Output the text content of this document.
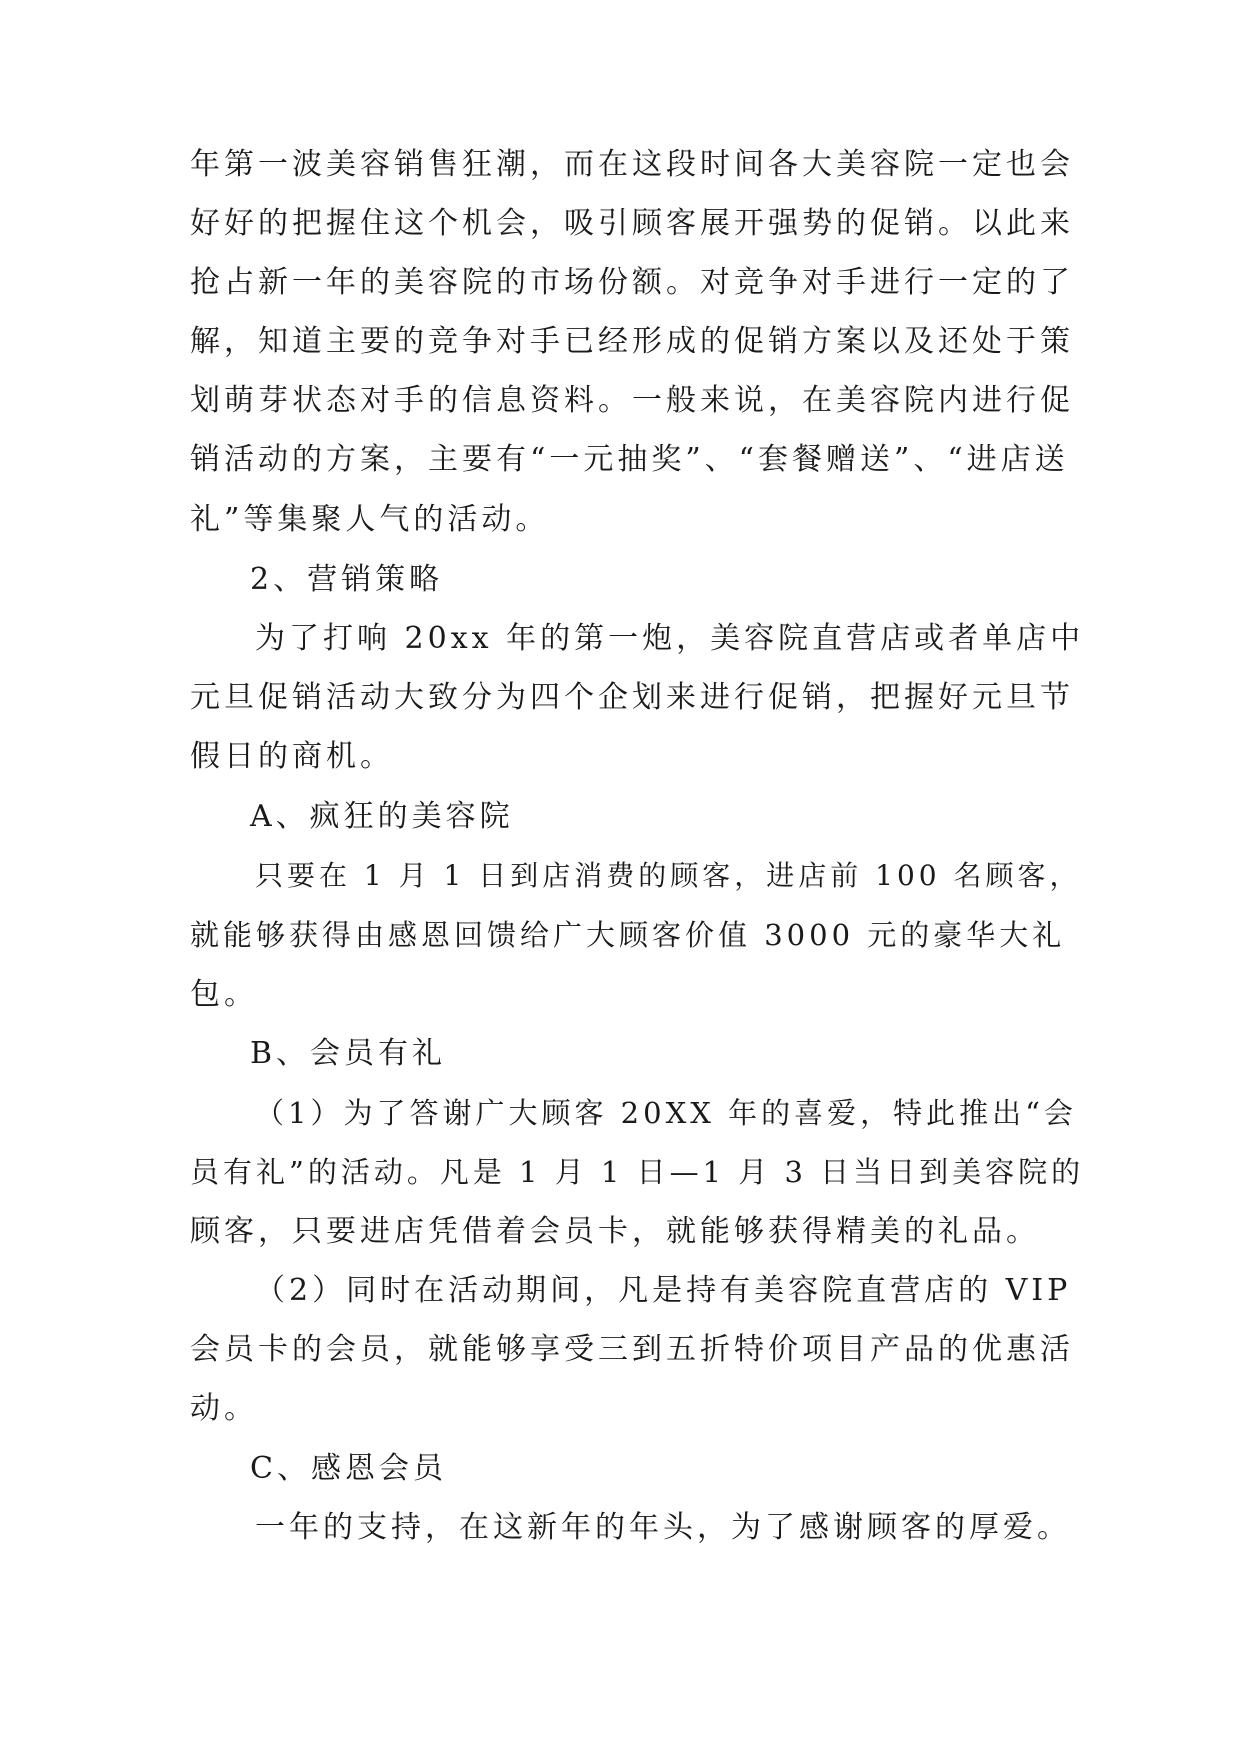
年第一波美容销售狂潮，而在这段时间各大美容院一定也会
好好的把握住这个机会，吸引顾客展开强势的促销。以此来
抢占新一年的美容院的市场份额。对竞争对手进行一定的了
解，知道主要的竞争对手已经形成的促销方案以及还处于策
划萌芽状态对手的信息资料。一般来说，在美容院内进行促
销活动的方案，主要有“一元抽奖”、“套餐赠送”、“进店送
礼”等集聚人气的活动。
2、营销策略
为了打响 20xx 年的第一炮，美容院直营店或者单店中
元旦促销活动大致分为四个企划来进行促销，把握好元旦节
假日的商机。
A、疯狂的美容院
只要在 1 月 1 日到店消费的顾客，进店前 100 名顾客，
就能够获得由感恩回馈给广大顾客价值 3000 元的豪华大礼
包。
B、会员有礼
（1）为了答谢广大顾客 20XX 年的喜爱，特此推出“会
员有礼”的活动。凡是 1 月 1 日—1 月 3 日当日到美容院的
顾客，只要进店凭借着会员卡，就能够获得精美的礼品。
（2）同时在活动期间，凡是持有美容院直营店的 VIP
会员卡的会员，就能够享受三到五折特价项目产品的优惠活
动。
C、感恩会员
一年的支持，在这新年的年头，为了感谢顾客的厚爱。
